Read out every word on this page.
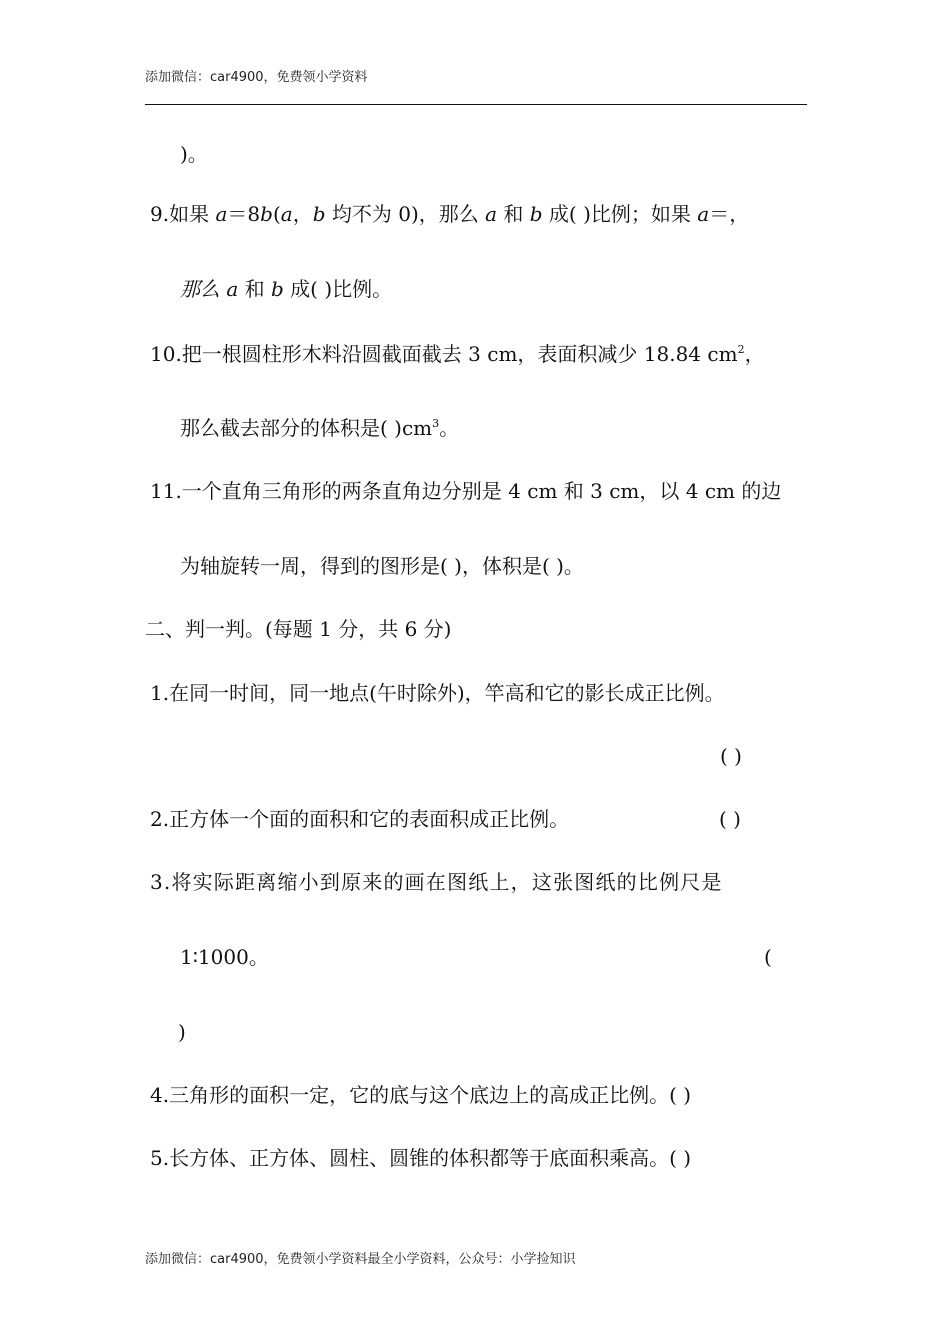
添加微信：car4900，免费领小学资料
)。
9.如果 a＝8b(a，b 均不为 0)，那么 a 和 b 成( )比例；如果 a＝，
那么 a 和 b 成( )比例。
10.把一根圆柱形木料沿圆截面截去 3 cm，表面积减少 18.84 $cm^2$，
那么截去部分的体积是( )$cm^3$。
11.一个直角三角形的两条直角边分别是 4 cm 和 3 cm，以 4 cm 的边
为轴旋转一周，得到的图形是( )，体积是( )。
二、判一判。(每题 1 分，共 6 分)
1.在同一时间，同一地点(午时除外)，竿高和它的影长成正比例。
( )
2.正方体一个面的面积和它的表面积成正比例。	( )
3.将实际距离缩小到原来的画在图纸上，这张图纸的比例尺是
1∶1000。	(
)
4.三角形的面积一定，它的底与这个底边上的高成正比例。( )
5.长方体、正方体、圆柱、圆锥的体积都等于底面积乘高。( )
添加微信：car4900，免费领小学资料最全小学资料，公众号：小学捡知识
